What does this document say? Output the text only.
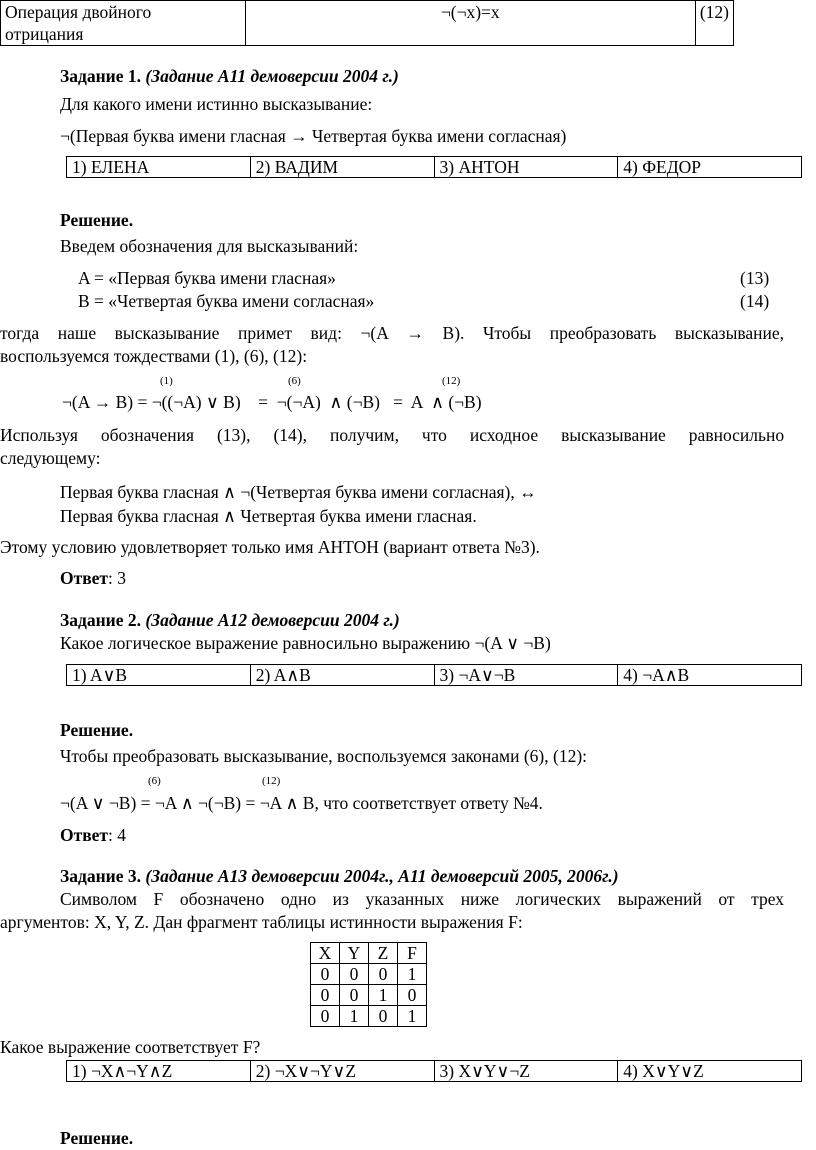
Операция двойного
отрицания	¬(¬x)=x	(12)
Задание 1. (Задание А11 демоверсии 2004 г.)
Для какого имени истинно высказывание:
¬(Первая буква имени гласная → Четвертая буква имени согласная)
1) ЕЛЕНА	2) ВАДИМ	3) АНТОН	4) ФЕДОР
Решение.
Введем обозначения для высказываний:
A = «Первая буква имени гласная»	(13)
B = «Четвертая буква имени согласная»	(14)
тогда наше высказывание примет вид: ¬(A → B). Чтобы преобразовать высказывание,
воспользуемся тождествами (1), (6), (12):
(1)	(6)	(12)
¬(A → B) = ¬((¬A) ∨ B)    =  ¬(¬A)  ∧ (¬B)   =  A  ∧ (¬B)
Используя обозначения (13), (14), получим, что исходное высказывание равносильно
следующему:
Первая буква гласная ∧ ¬(Четвертая буква имени согласная), ↔
Первая буква гласная ∧ Четвертая буква имени гласная.
Этому условию удовлетворяет только имя АНТОН (вариант ответа №3).
Ответ: 3
Задание 2. (Задание А12 демоверсии 2004 г.)
Какое логическое выражение равносильно выражению ¬(A ∨ ¬B)
1) A∨B	2) A∧B	3) ¬A∨¬B	4) ¬A∧B
Решение.
Чтобы преобразовать высказывание, воспользуемся законами (6), (12):
(6)	(12)
¬(A ∨ ¬B) = ¬A ∧ ¬(¬B) = ¬A ∧ B, что соответствует ответу №4.
Ответ: 4
Задание 3. (Задание А13 демоверсии 2004г., А11 демоверсий 2005, 2006г.)
Символом F обозначено одно из указанных ниже логических выражений от трех
аргументов: X, Y, Z. Дан фрагмент таблицы истинности выражения F:
X	Y	Z	F
0	0	0	1
0	0	1	0
0	1	0	1
Какое выражение соответствует F?
1) ¬X∧¬Y∧Z	2) ¬X∨¬Y∨Z	3) X∨Y∨¬Z	4) X∨Y∨Z
Решение.
